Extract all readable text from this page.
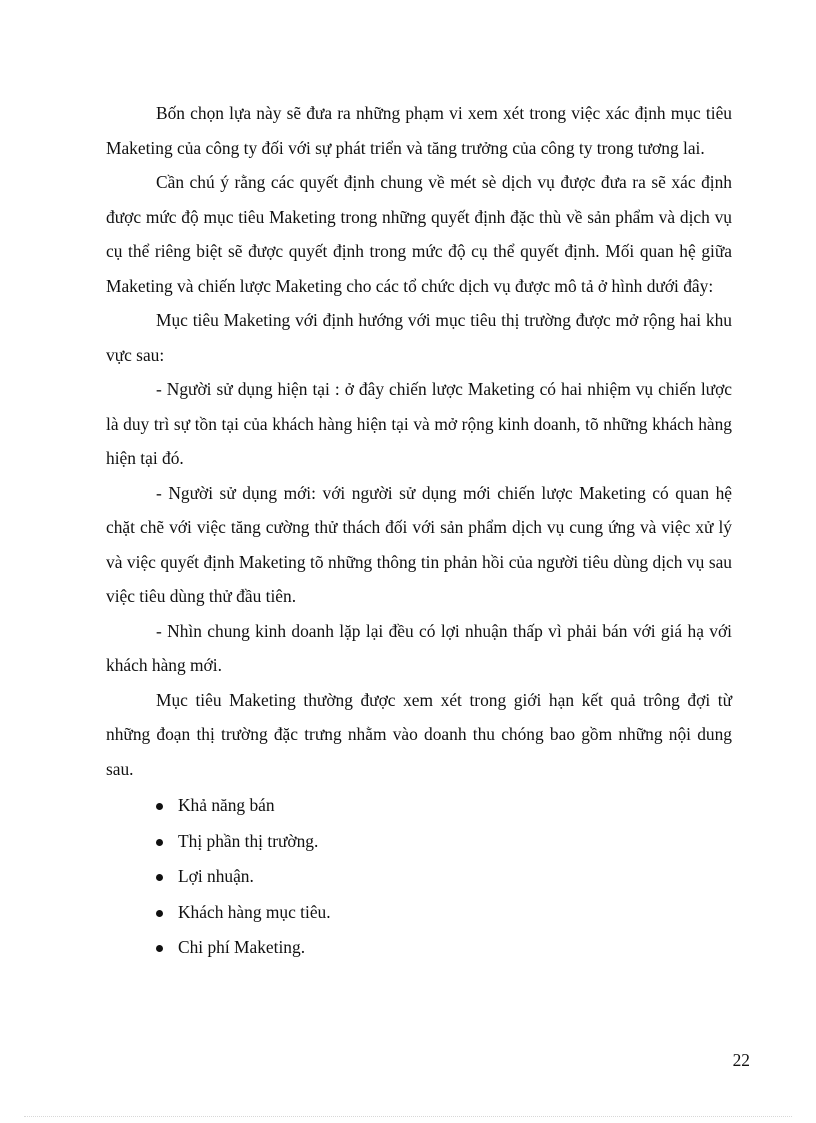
Bốn chọn lựa này sẽ đưa ra những phạm vi xem xét trong việc xác định mục tiêu Maketing của công ty đối với sự phát triển và tăng trưởng của công ty trong tương lai.

Cần chú ý rằng các quyết định chung về mét sè dịch vụ được đưa ra sẽ xác định được mức độ mục tiêu Maketing trong những quyết định đặc thù về sản phẩm và dịch vụ cụ thể riêng biệt sẽ được quyết định trong mức độ cụ thể quyết định. Mối quan hệ giữa Maketing và chiến lược Maketing cho các tổ chức dịch vụ được mô tả ở hình dưới đây:

Mục tiêu Maketing với định hướng với mục tiêu thị trường được mở rộng hai khu vực sau:

- Người sử dụng hiện tại : ở đây chiến lược Maketing có hai nhiệm vụ chiến lược là duy trì sự tồn tại của khách hàng hiện tại và mở rộng kinh doanh, tõ những khách hàng hiện tại đó.

- Người sử dụng mới: với người sử dụng mới chiến lược Maketing có quan hệ chặt chẽ với việc tăng cường thử thách đối với sản phẩm dịch vụ cung ứng và việc xử lý và việc quyết định Maketing tõ những thông tin phản hồi của người tiêu dùng dịch vụ sau việc tiêu dùng thử đầu tiên.

- Nhìn chung kinh doanh lặp lại đều có lợi nhuận thấp vì phải bán với giá hạ với khách hàng mới.

Mục tiêu Maketing thường được xem xét trong giới hạn kết quả trông đợi từ những đoạn thị trường đặc trưng nhằm vào doanh thu chóng bao gồm những nội dung sau.

Khả năng bán
Thị phần thị trường.
Lợi nhuận.
Khách hàng mục tiêu.
Chi phí Maketing.
22
